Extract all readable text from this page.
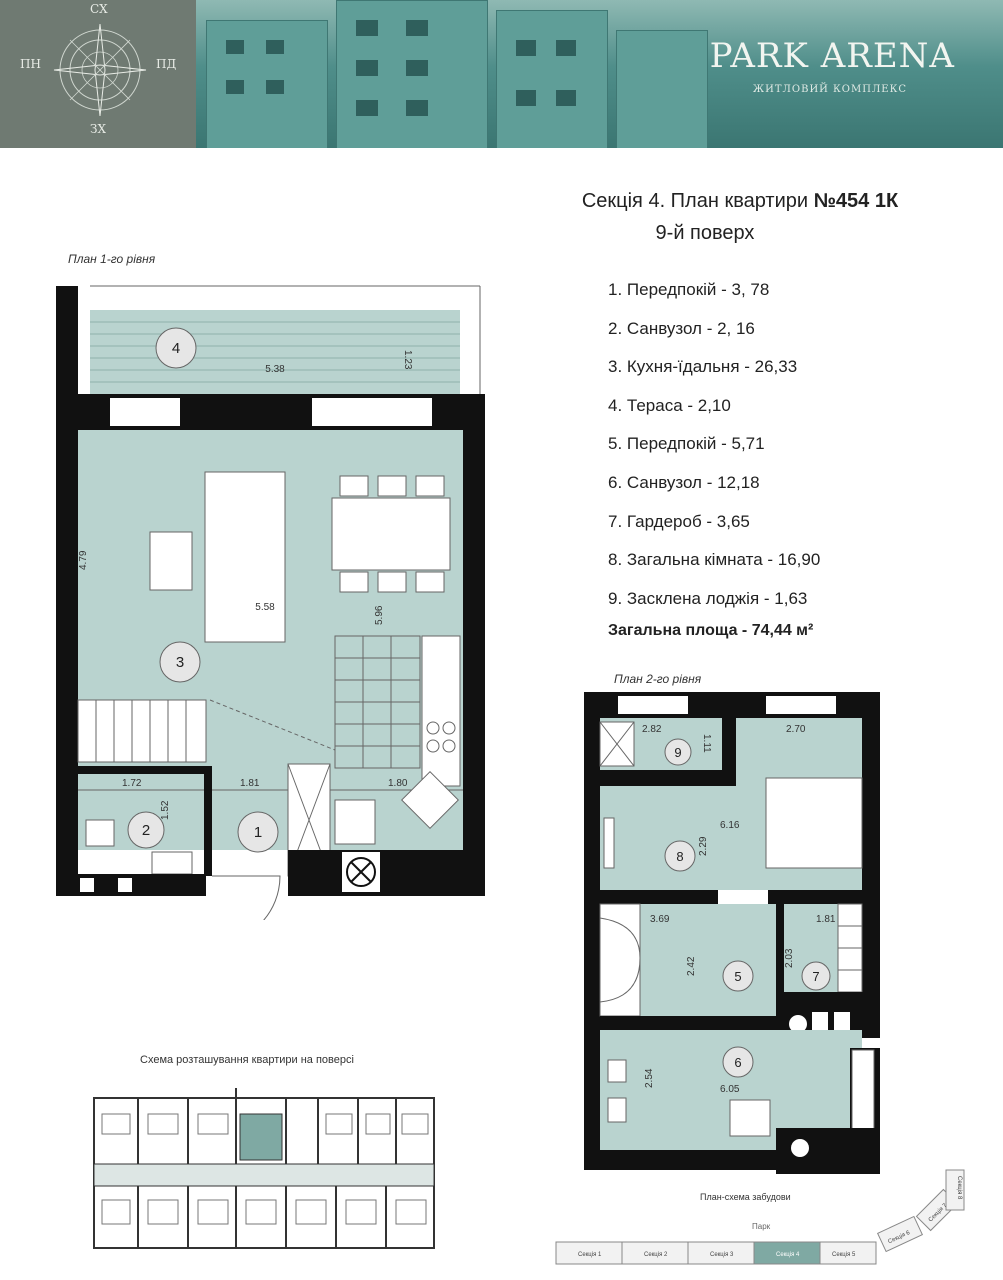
СХ
ПН	ПД
ЗХ
PARK ARENA
ЖИТЛОВИЙ КОМПЛЕКС
Секція 4. План квартири №454 1К
9-й поверх
1. Передпокій - 3, 78
2. Санвузол - 2, 16
3. Кухня-їдальня - 26,33
4. Тераса - 2,10
5. Передпокій - 5,71
6. Санвузол - 12,18
7. Гардероб - 3,65
8. Загальна кімната - 16,90
9. Засклена лоджія - 1,63
Загальна площа - 74,44 м²
План 1-го рівня
4
3
2	1
5.38
1.23
4.79
5.58	5.96
1.72
1.52
1.81	1.80
План 2-го рівня
9
8
5	7
6
2.82
1.11
2.70
6.16
2.29
3.69	1.81
2.42	2.03
2.54
6.05
Схема розташування квартири на поверсі
План-схема забудови
Парк
Секція 1	Секція 2	Секція 3	Секція 4	Секція 5
Секція 6
Секція 7
Секція 8
